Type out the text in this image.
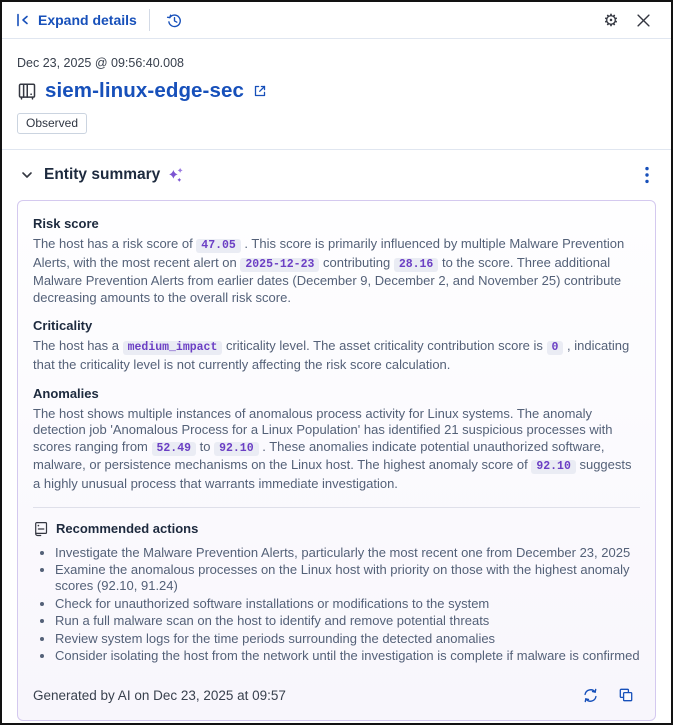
Expand details	⚙
Dec 23, 2025 @ 09:56:40.008
siem-linux-edge-sec
Observed
Entity summary
Risk score

The host has a risk score of 47.05 . This score is primarily influenced by multiple Malware Prevention Alerts, with the most recent alert on 2025-12-23 contributing 28.16 to the score. Three additional Malware Prevention Alerts from earlier dates (December 9, December 2, and November 25) contribute decreasing amounts to the overall risk score.

Criticality

The host has a medium_impact criticality level. The asset criticality contribution score is 0 , indicating that the criticality level is not currently affecting the risk score calculation.

Anomalies

The host shows multiple instances of anomalous process activity for Linux systems. The anomaly detection job 'Anomalous Process for a Linux Population' has identified 21 suspicious processes with scores ranging from 52.49 to 92.10 . These anomalies indicate potential unauthorized software, malware, or persistence mechanisms on the Linux host. The highest anomaly score of 92.10 suggests a highly unusual process that warrants immediate investigation.

Recommended actions
• Investigate the Malware Prevention Alerts, particularly the most recent one from December 23, 2025
• Examine the anomalous processes on the Linux host with priority on those with the highest anomaly scores (92.10, 91.24)
• Check for unauthorized software installations or modifications to the system
• Run a full malware scan on the host to identify and remove potential threats
• Review system logs for the time periods surrounding the detected anomalies
• Consider isolating the host from the network until the investigation is complete if malware is confirmed
Generated by AI on Dec 23, 2025 at 09:57
